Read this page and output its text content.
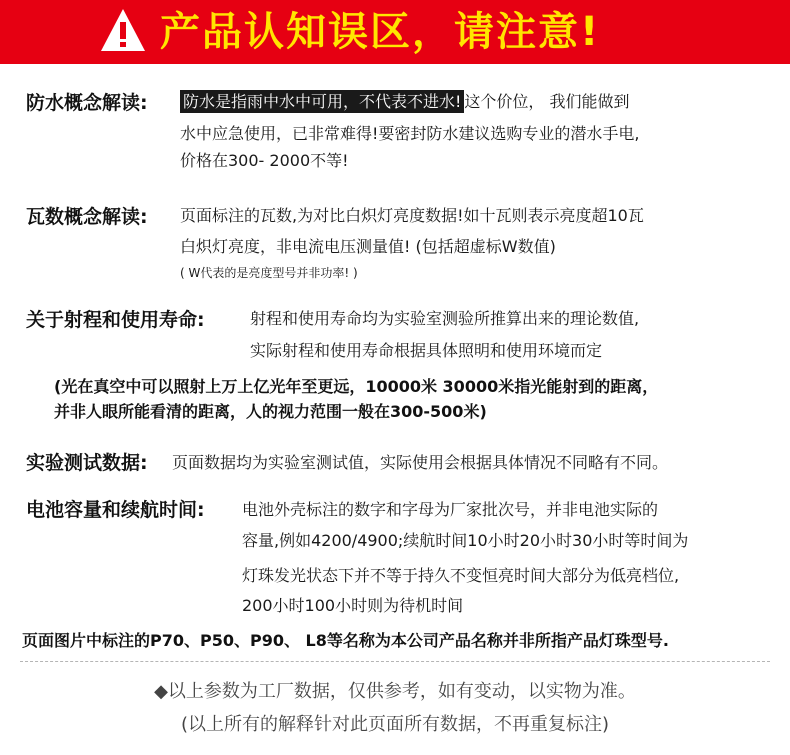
产品认知误区，请注意!
防水概念解读: 防水是指雨中水中可用，不代表不进水! 这个价位， 我们能做到
水中应急使用，已非常难得!要密封防水建议选购专业的潜水手电,
价格在300- 2000不等!
瓦数概念解读: 页面标注的瓦数,为对比白炽灯亮度数据!如十瓦则表示亮度超10瓦
白炽灯亮度，非电流电压测量值! (包括超虚标W数值)
( W代表的是亮度型号并非功率! )
关于射程和使用寿命:	射程和使用寿命均为实验室测验所推算出来的理论数值,
实际射程和使用寿命根据具体照明和使用环境而定
(光在真空中可以照射上万上亿光年至更远，10000米 30000米指光能射到的距离，
并非人眼所能看清的距离，人的视力范围一般在300-500米)
实验测试数据: 页面数据均为实验室测试值，实际使用会根据具体情况不同略有不同。
电池容量和续航时间: 电池外壳标注的数字和字母为厂家批次号，并非电池实际的
容量,例如4200/4900;续航时间10小时20小时30小时等时间为
灯珠发光状态下并不等于持久不变恒亮时间大部分为低亮档位,
200小时100小时则为待机时间
页面图片中标注的P70、P50、P90、 L8等名称为本公司产品名称并非所指产品灯珠型号.
◆以上参数为工厂数据，仅供参考，如有变动，以实物为准。
(以上所有的解释针对此页面所有数据，不再重复标注)
